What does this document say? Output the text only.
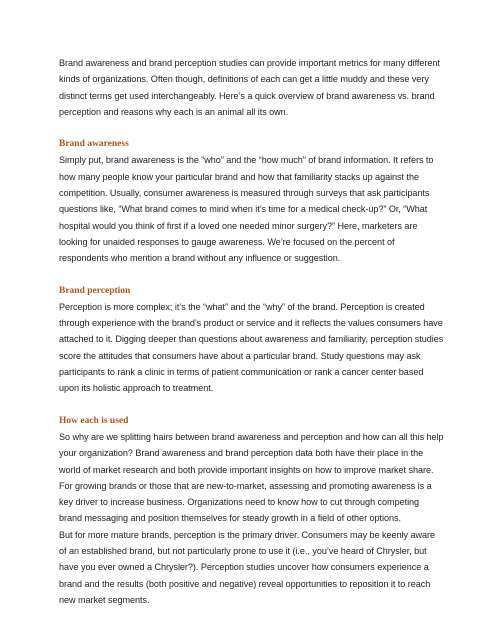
Brand awareness and brand perception studies can provide important metrics for many different kinds of organizations. Often though, definitions of each can get a little muddy and these very distinct terms get used interchangeably. Here’s a quick overview of brand awareness vs. brand perception and reasons why each is an animal all its own.

Brand awareness

Simply put, brand awareness is the “who” and the “how much” of brand information. It refers to how many people know your particular brand and how that familiarity stacks up against the competition. Usually, consumer awareness is measured through surveys that ask participants questions like, “What brand comes to mind when it’s time for a medical check-up?” Or, “What hospital would you think of first if a loved one needed minor surgery?” Here, marketers are looking for unaided responses to gauge awareness. We’re focused on the percent of respondents who mention a brand without any influence or suggestion.

Brand perception

Perception is more complex; it’s the “what” and the “why” of the brand. Perception is created through experience with the brand’s product or service and it reflects the values consumers have attached to it. Digging deeper than questions about awareness and familiarity, perception studies score the attitudes that consumers have about a particular brand. Study questions may ask participants to rank a clinic in terms of patient communication or rank a cancer center based upon its holistic approach to treatment.

How each is used

So why are we splitting hairs between brand awareness and perception and how can all this help your organization? Brand awareness and brand perception data both have their place in the world of market research and both provide important insights on how to improve market share. For growing brands or those that are new-to-market, assessing and promoting awareness is a key driver to increase business. Organizations need to know how to cut through competing brand messaging and position themselves for steady growth in a field of other options.

But for more mature brands, perception is the primary driver. Consumers may be keenly aware of an established brand, but not particularly prone to use it (i.e., you’ve heard of Chrysler, but have you ever owned a Chrysler?). Perception studies uncover how consumers experience a brand and the results (both positive and negative) reveal opportunities to reposition it to reach new market segments.
